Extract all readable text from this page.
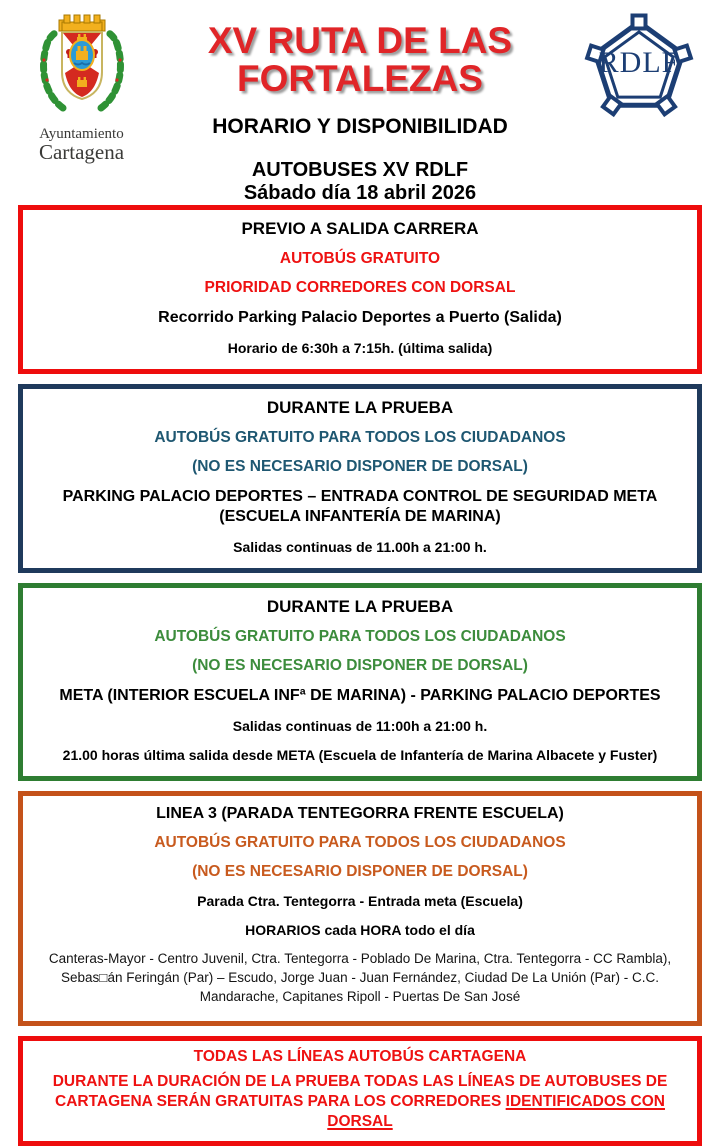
Ayuntamiento
Cartagena
XV RUTA DE LAS
FORTALEZAS
HORARIO Y DISPONIBILIDAD
AUTOBUSES XV RDLF
Sábado día 18 abril 2026
RDLF
PREVIO A SALIDA CARRERA
AUTOBÚS GRATUITO
PRIORIDAD CORREDORES CON DORSAL
Recorrido Parking Palacio Deportes a Puerto (Salida)
Horario de 6:30h a 7:15h. (última salida)
DURANTE LA PRUEBA
AUTOBÚS GRATUITO PARA TODOS LOS CIUDADANOS
(NO ES NECESARIO DISPONER DE DORSAL)
PARKING PALACIO DEPORTES – ENTRADA CONTROL DE SEGURIDAD META (ESCUELA INFANTERÍA DE MARINA)
Salidas continuas de 11.00h a 21:00 h.
DURANTE LA PRUEBA
AUTOBÚS GRATUITO PARA TODOS LOS CIUDADANOS
(NO ES NECESARIO DISPONER DE DORSAL)
META (INTERIOR ESCUELA INFª DE MARINA) - PARKING PALACIO DEPORTES
Salidas continuas de 11:00h a 21:00 h.
21.00 horas última salida desde META (Escuela de Infantería de Marina Albacete y Fuster)
LINEA 3 (PARADA TENTEGORRA FRENTE ESCUELA)
AUTOBÚS GRATUITO PARA TODOS LOS CIUDADANOS
(NO ES NECESARIO DISPONER DE DORSAL)
Parada Ctra. Tentegorra - Entrada meta (Escuela)
HORARIOS cada HORA todo el día
Canteras-Mayor - Centro Juvenil, Ctra. Tentegorra - Poblado De Marina, Ctra. Tentegorra - CC Rambla), Sebas□án Feringán (Par) – Escudo, Jorge Juan - Juan Fernández, Ciudad De La Unión (Par) - C.C. Mandarache, Capitanes Ripoll - Puertas De San José
TODAS LAS LÍNEAS AUTOBÚS CARTAGENA
DURANTE LA DURACIÓN DE LA PRUEBA TODAS LAS LÍNEAS DE AUTOBUSES DE CARTAGENA SERÁN GRATUITAS PARA LOS CORREDORES IDENTIFICADOS CON DORSAL
